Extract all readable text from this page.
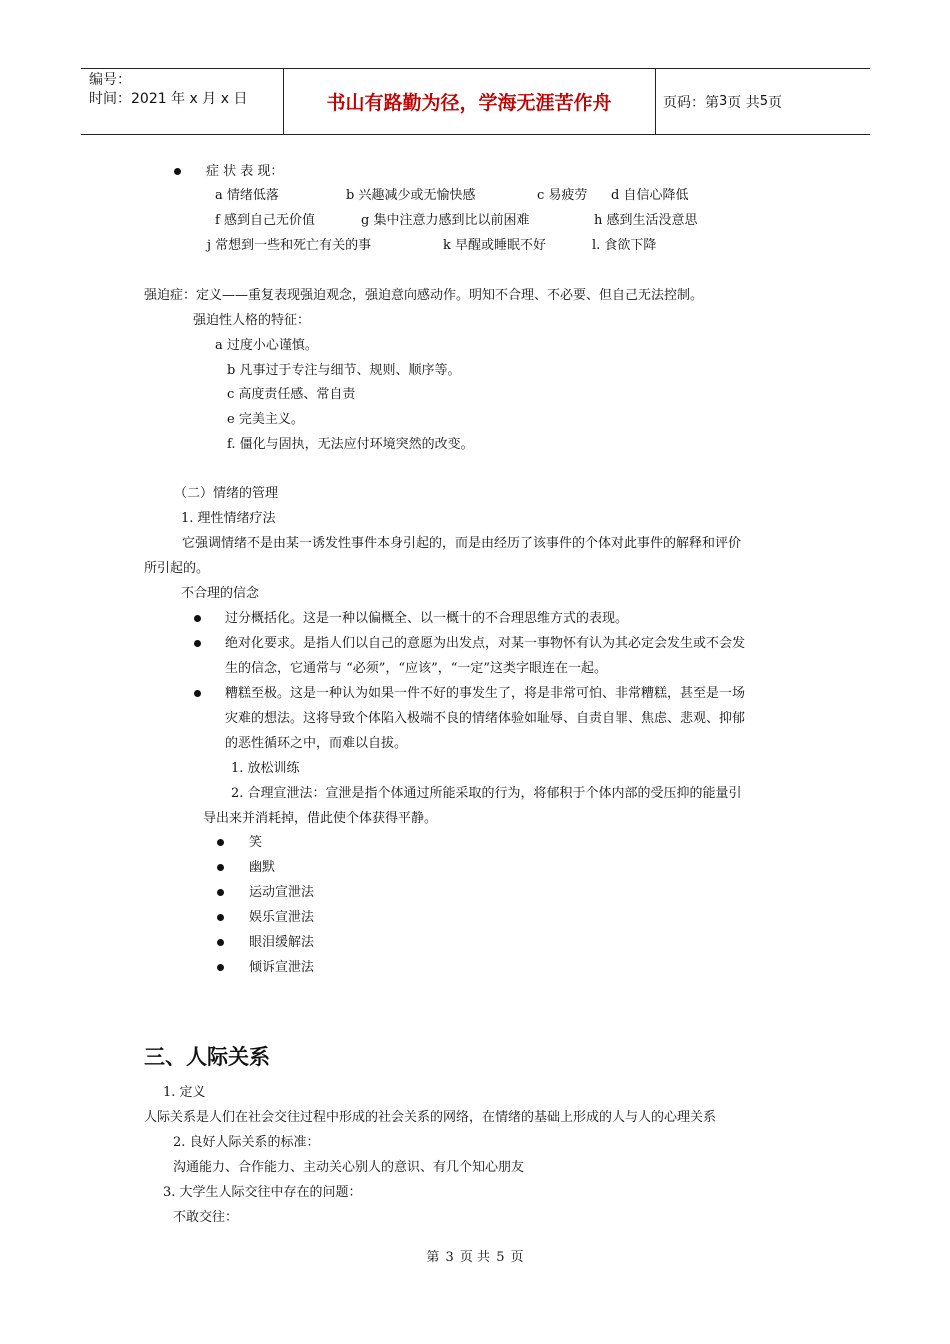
编号：
时间：2021 年 x 月 x 日	书山有路勤为径，学海无涯苦作舟	页码：第 3 页 共 5 页
症 状 表 现：
a 情绪低落	b 兴趣减少或无愉快感	c 易疲劳 d 自信心降低
f 感到自己无价值	g 集中注意力感到比以前困难	h 感到生活没意思
j 常想到一些和死亡有关的事	k 早醒或睡眠不好	l. 食欲下降
强迫症：定义——重复表现强迫观念，强迫意向感动作。明知不合理、不必要、但自己无法控制。
强迫性人格的特征：
a 过度小心谨慎。
b 凡事过于专注与细节、规则、顺序等。
c 高度责任感、常自责
e 完美主义。
f. 僵化与固执，无法应付环境突然的改变。
（二）情绪的管理
1. 理性情绪疗法
它强调情绪不是由某一诱发性事件本身引起的，而是由经历了该事件的个体对此事件的解释和评价
所引起的。
不合理的信念
过分概括化。这是一种以偏概全、以一概十的不合理思维方式的表现。
绝对化要求。是指人们以自己的意愿为出发点，对某一事物怀有认为其必定会发生或不会发
生的信念，它通常与 “必须”，“应该”，“一定”这类字眼连在一起。
糟糕至极。这是一种认为如果一件不好的事发生了，将是非常可怕、非常糟糕，甚至是一场
灾难的想法。这将导致个体陷入极端不良的情绪体验如耻辱、自责自罪、焦虑、悲观、抑郁
的恶性循环之中，而难以自拔。
1. 放松训练
2. 合理宣泄法：宣泄是指个体通过所能采取的行为，将郁积于个体内部的受压抑的能量引
导出来并消耗掉，借此使个体获得平静。
笑
幽默
运动宣泄法
娱乐宣泄法
眼泪缓解法
倾诉宣泄法
三、人际关系
1. 定义
人际关系是人们在社会交往过程中形成的社会关系的网络，在情绪的基础上形成的人与人的心理关系
2. 良好人际关系的标准：
沟通能力、合作能力、主动关心别人的意识、有几个知心朋友
3. 大学生人际交往中存在的问题：
不敢交往：
第 3 页 共 5 页
